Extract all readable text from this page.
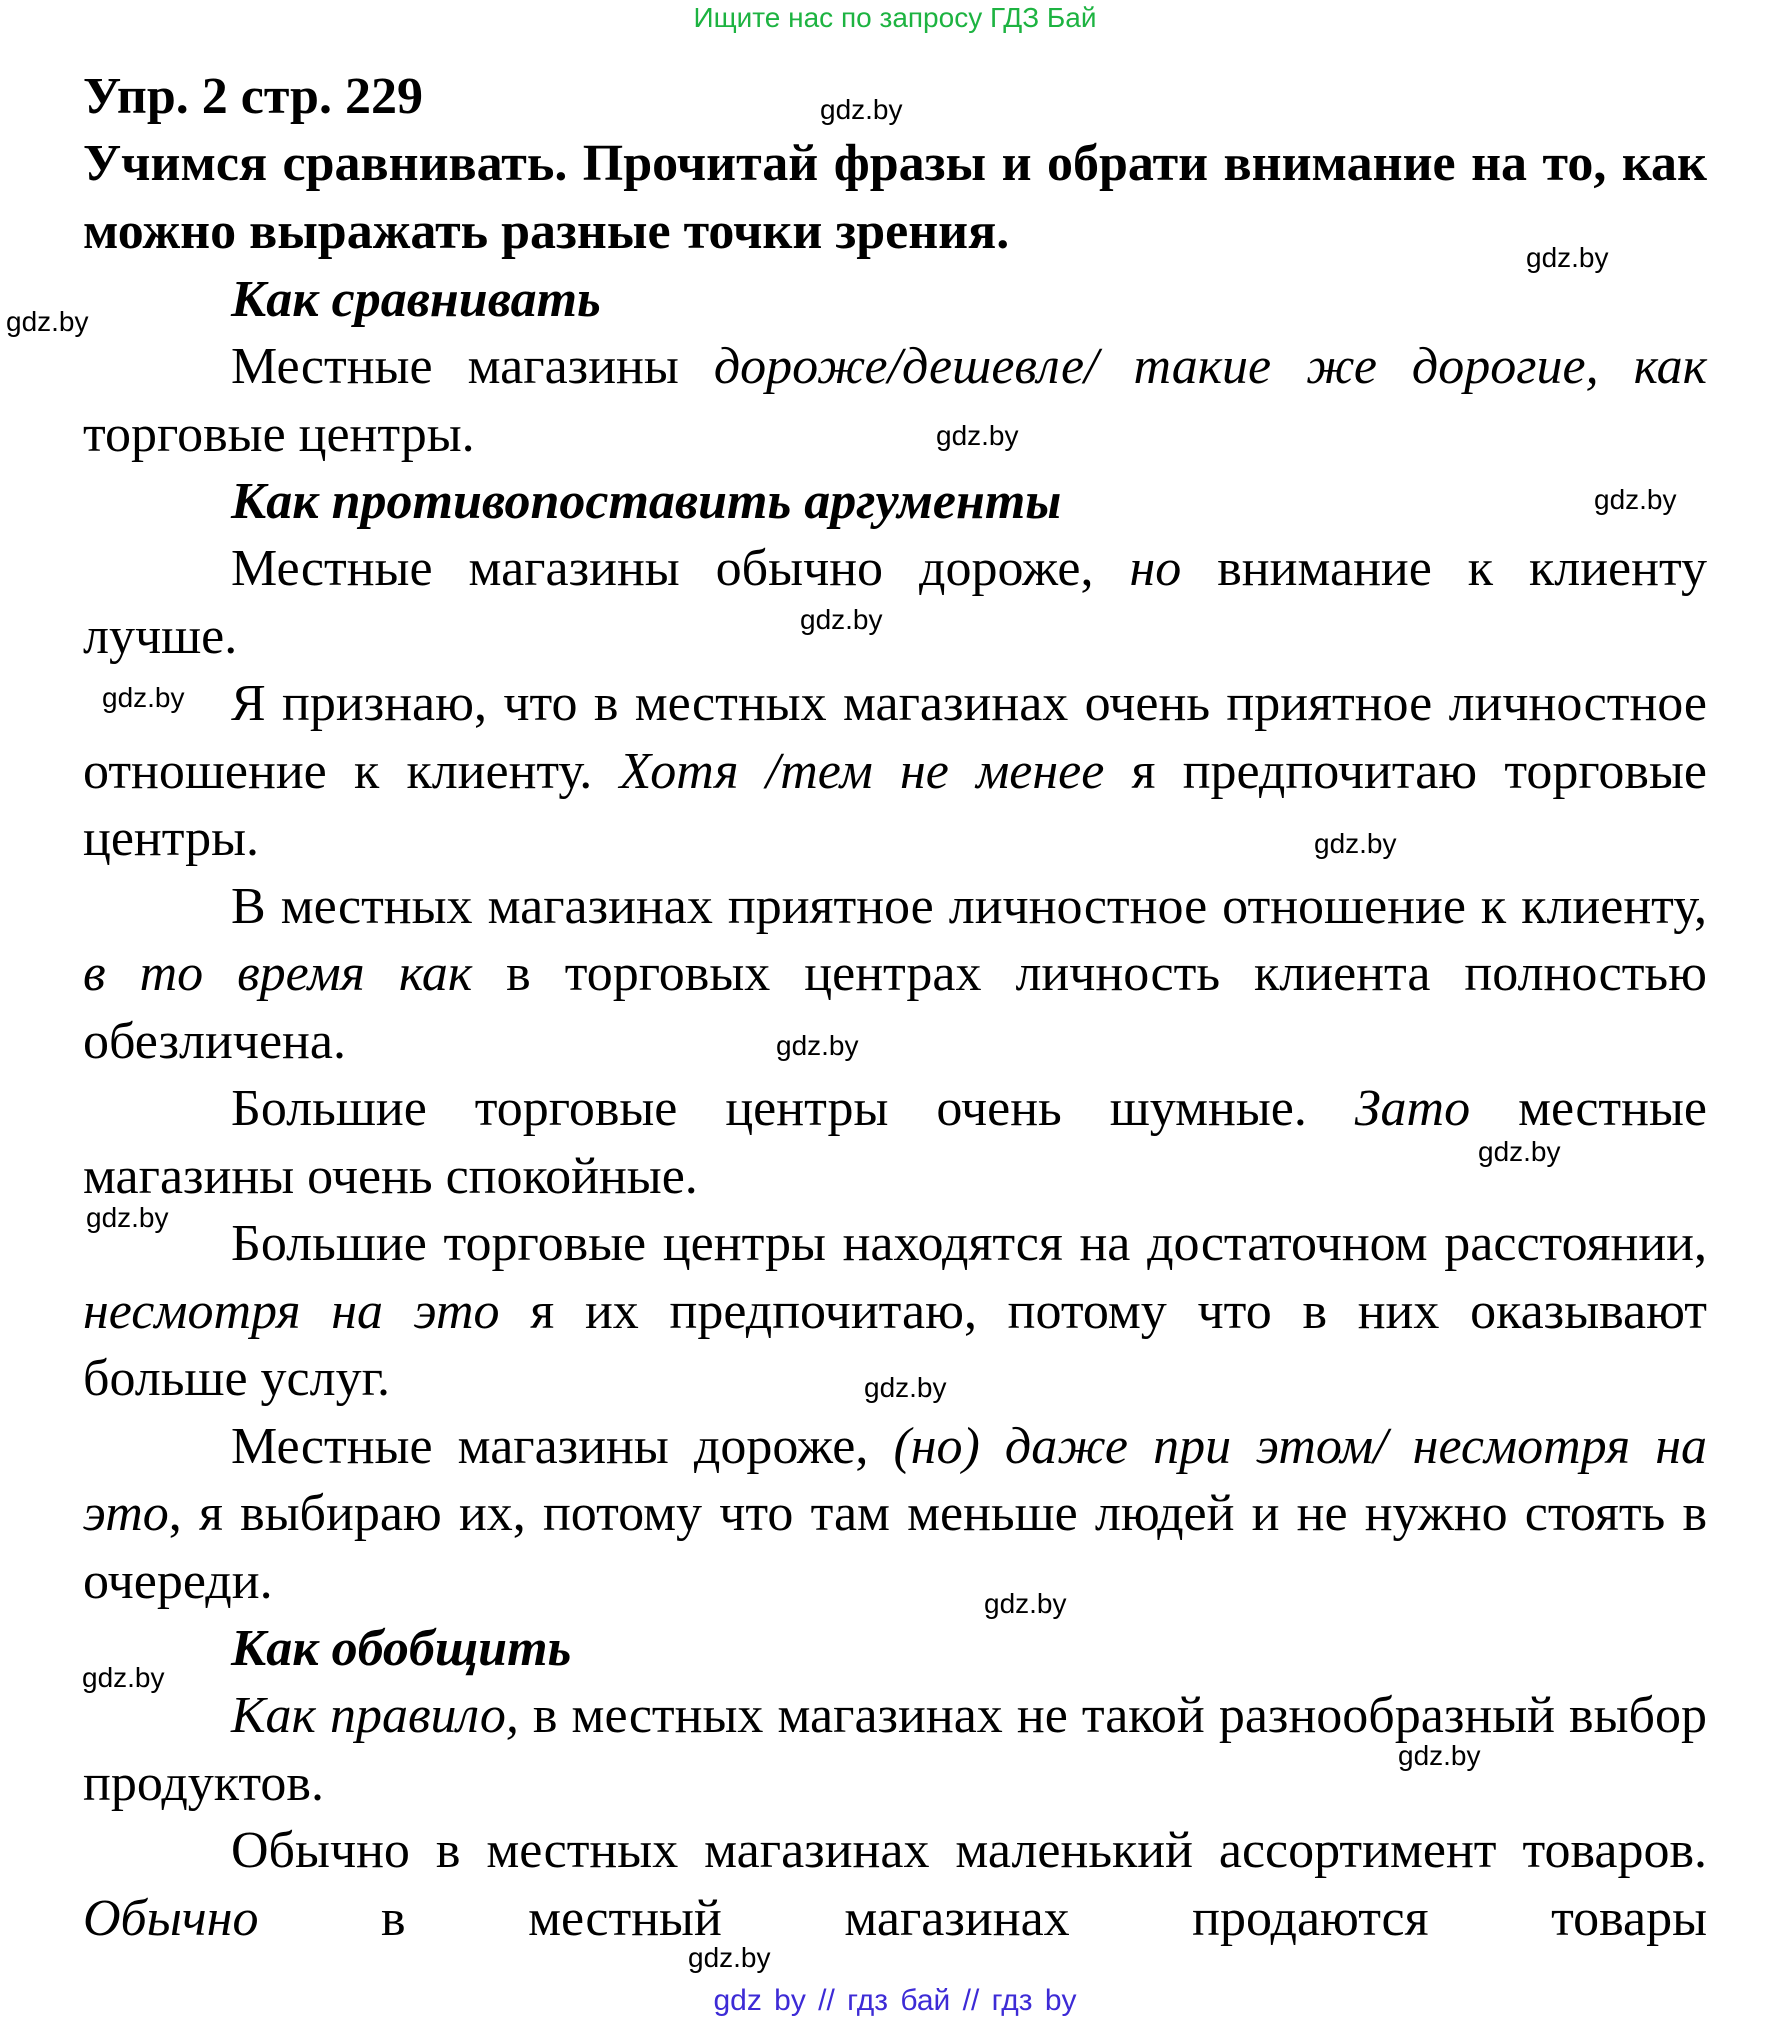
Ищите нас по запросу ГДЗ Бай
Упр. 2 стр. 229
Учимся сравнивать. Прочитай фразы и обрати внимание на то, как можно выражать разные точки зрения.
Как сравнивать

Местные магазины дороже/дешевле/ такие же дорогие, как торговые центры.

Как противопоставить аргументы

Местные магазины обычно дороже, но внимание к клиенту лучше.

Я признаю, что в местных магазинах очень приятное личностное отношение к клиенту. Хотя /тем не менее я предпочитаю торговые центры.

В местных магазинах приятное личностное отношение к клиенту, в то время как в торговых центрах личность клиента полностью обезличена.

Большие торговые центры очень шумные. Зато местные магазины очень спокойные.

Большие торговые центры находятся на достаточном расстоянии, несмотря на это я их предпочитаю, потому что в них оказывают больше услуг.

Местные магазины дороже, (но) даже при этом/ несмотря на это, я выбираю их, потому что там меньше людей и не нужно стоять в очереди.

Как обобщить

Как правило, в местных магазинах не такой разнообразный выбор продуктов.

Обычно в местных магазинах маленький ассортимент товаров. Обычно в местный магазинах продаются товары

gdz.by
gdz.by
gdz.by
gdz.by
gdz.by
gdz.by
gdz.by
gdz.by
gdz.by
gdz.by
gdz.by
gdz.by
gdz.by
gdz.by
gdz.by
gdz.by
gdz by // гдз бай // гдз by
